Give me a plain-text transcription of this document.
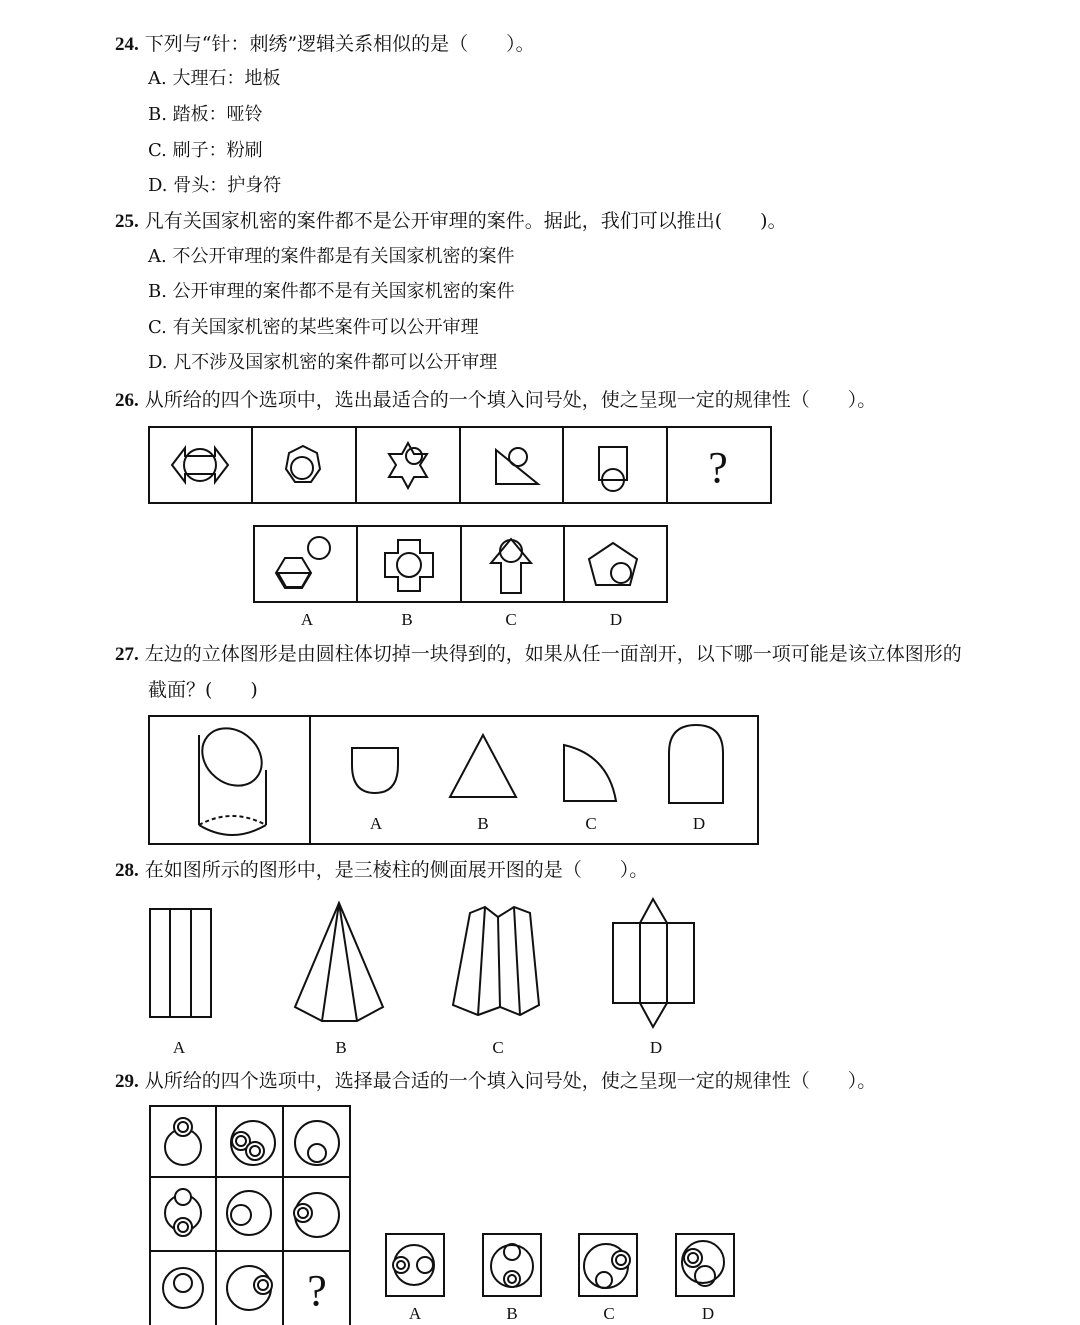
24. 下列与“针：刺绣”逻辑关系相似的是（　　）。
A. 大理石：地板
B. 踏板：哑铃
C. 刷子：粉刷
D. 骨头：护身符
25. 凡有关国家机密的案件都不是公开审理的案件。据此，我们可以推出(　　)。
A. 不公开审理的案件都是有关国家机密的案件
B. 公开审理的案件都不是有关国家机密的案件
C. 有关国家机密的某些案件可以公开审理
D. 凡不涉及国家机密的案件都可以公开审理
26. 从所给的四个选项中，选出最适合的一个填入问号处，使之呈现一定的规律性（　　）。
?
A	B	C	D
27. 左边的立体图形是由圆柱体切掉一块得到的，如果从任一面剖开，以下哪一项可能是该立体图形的
截面？(　　)
A	B	C	D
28. 在如图所示的图形中，是三棱柱的侧面展开图的是（　　）。
A	B	C	D
29. 从所给的四个选项中，选择最合适的一个填入问号处，使之呈现一定的规律性（　　）。
?	A	B	C	D
